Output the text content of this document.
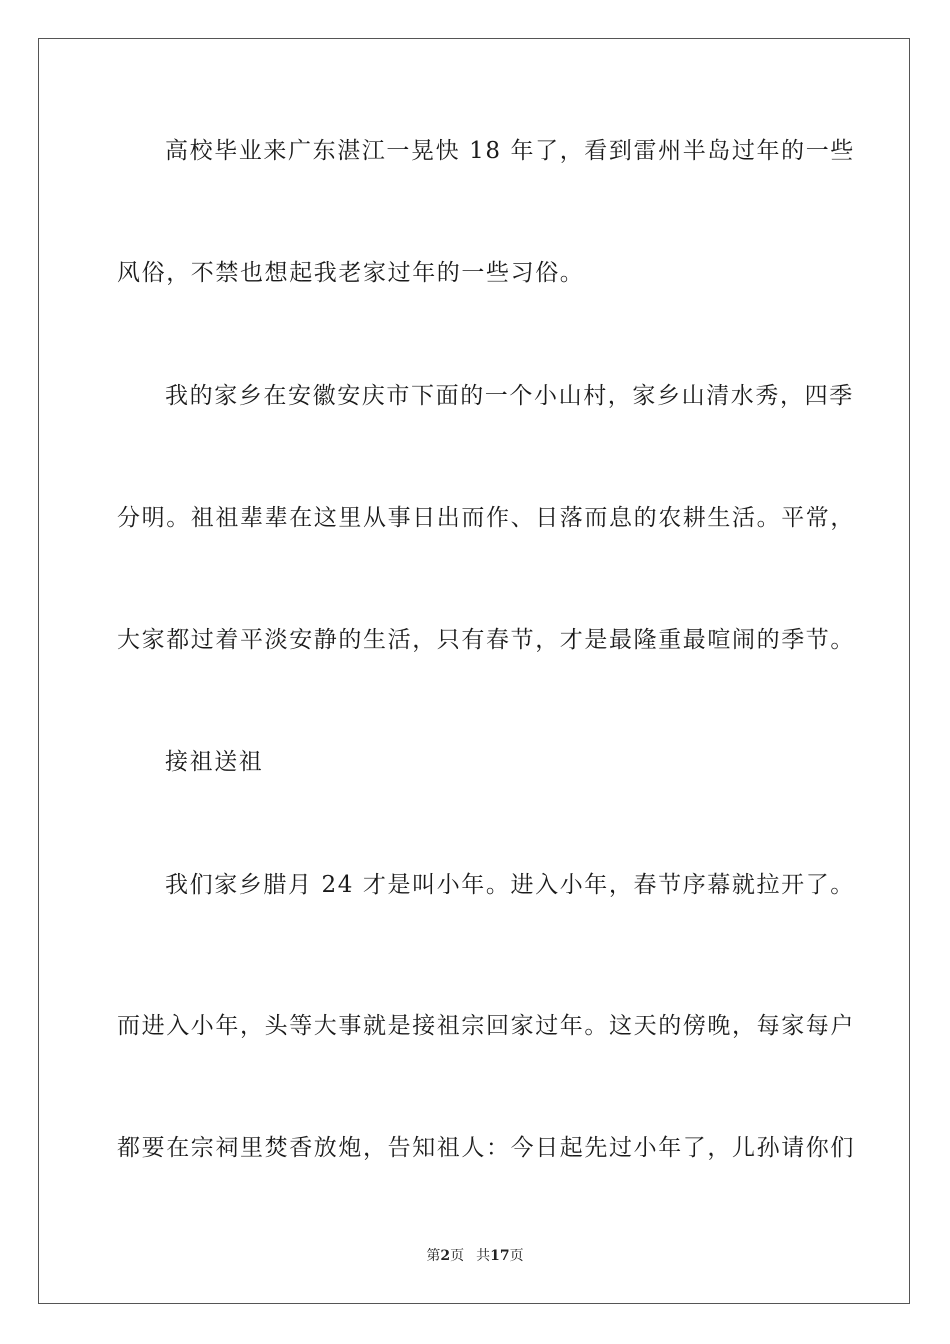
高校毕业来广东湛江一晃快 18 年了，看到雷州半岛过年的一些
风俗，不禁也想起我老家过年的一些习俗。
我的家乡在安徽安庆市下面的一个小山村，家乡山清水秀，四季
分明。祖祖辈辈在这里从事日出而作、日落而息的农耕生活。平常，
大家都过着平淡安静的生活，只有春节，才是最隆重最喧闹的季节。
接祖送祖
我们家乡腊月 24 才是叫小年。进入小年，春节序幕就拉开了。
而进入小年，头等大事就是接祖宗回家过年。这天的傍晚，每家每户
都要在宗祠里焚香放炮，告知祖人：今日起先过小年了，儿孙请你们
第2页 共17页
